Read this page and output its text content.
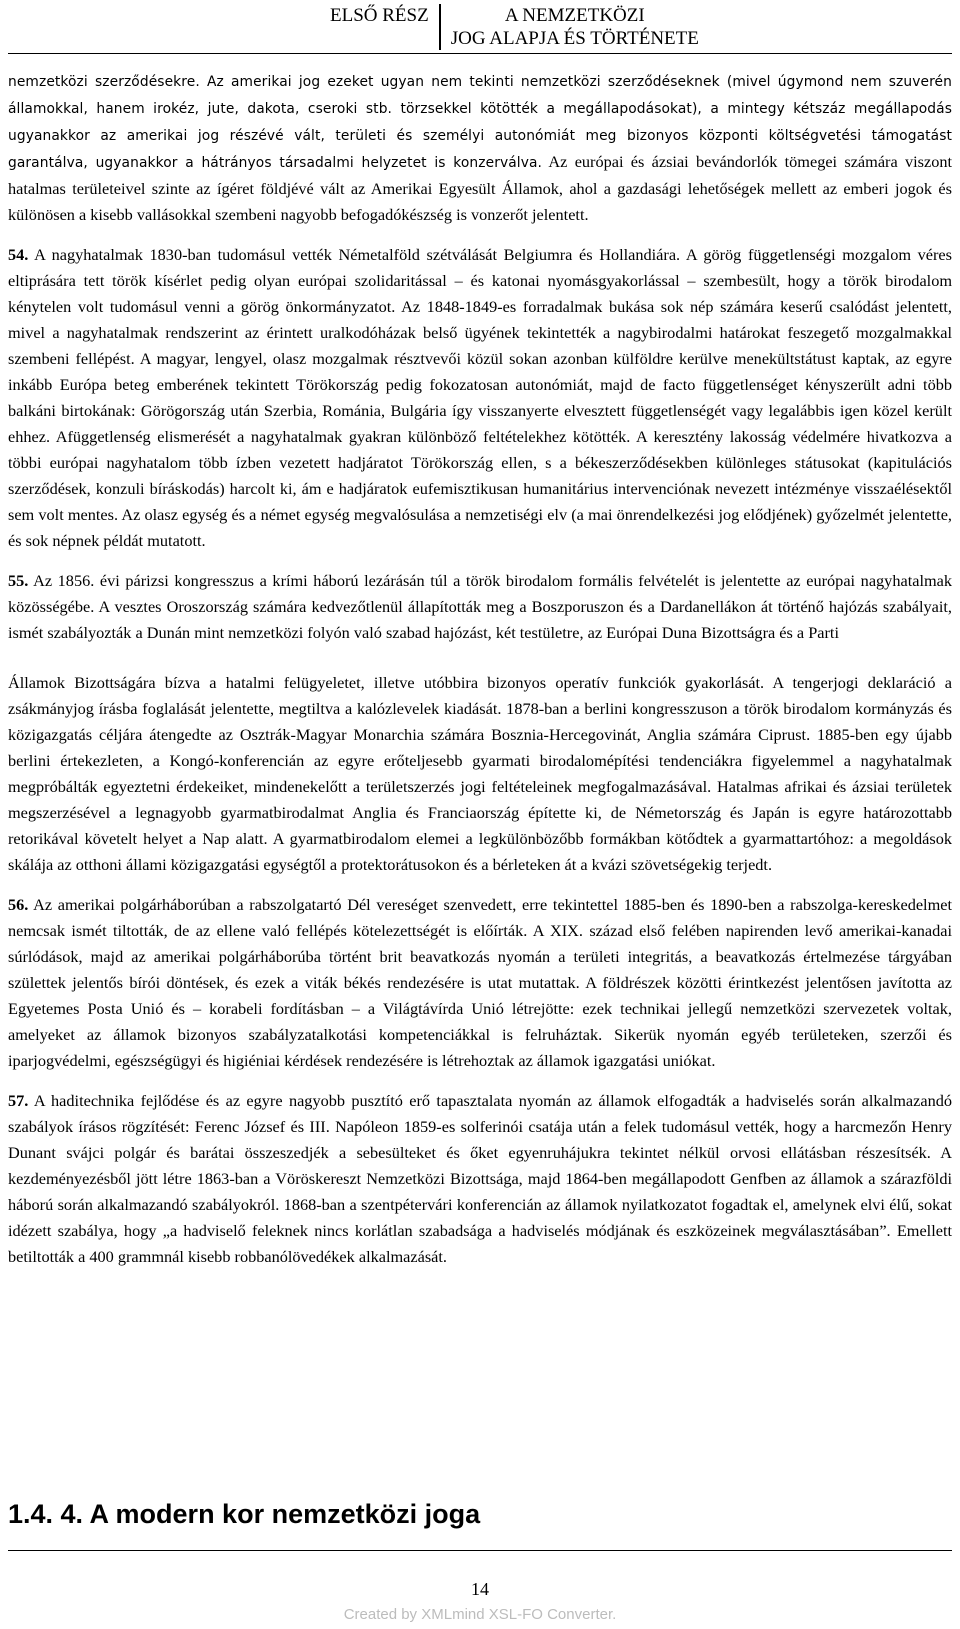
ELSŐ RÉSZ	A NEMZETKÖZI
JOG ALAPJA ÉS TÖRTÉNETE

nemzetközi szerződésekre. Az amerikai jog ezeket ugyan nem tekinti nemzetközi szerződéseknek (mivel úgymond nem szuverén államokkal, hanem irokéz, jute, dakota, cseroki stb. törzsekkel kötötték a megállapodásokat), a mintegy kétszáz megállapodás ugyanakkor az amerikai jog részévé vált, területi és személyi autonómiát meg bizonyos központi költségvetési támogatást garantálva, ugyanakkor a hátrányos társadalmi helyzetet is konzerválva. Az európai és ázsiai bevándorlók tömegei számára viszont hatalmas területeivel szinte az ígéret földjévé vált az Amerikai Egyesült Államok, ahol a gazdasági lehetőségek mellett az emberi jogok és különösen a kisebb vallásokkal szembeni nagyobb befogadókészség is vonzerőt jelentett.

54. A nagyhatalmak 1830-ban tudomásul vették Németalföld szétválását Belgiumra és Hollandiára. A görög függetlenségi mozgalom véres eltiprására tett török kísérlet pedig olyan európai szolidaritással – és katonai nyomásgyakorlással – szembesült, hogy a török birodalom kénytelen volt tudomásul venni a görög önkormányzatot. Az 1848-1849-es forradalmak bukása sok nép számára keserű csalódást jelentett, mivel a nagyhatalmak rendszerint az érintett uralkodóházak belső ügyének tekintették a nagybirodalmi határokat feszegető mozgalmakkal szembeni fellépést. A magyar, lengyel, olasz mozgalmak résztvevői közül sokan azonban külföldre kerülve menekültstátust kaptak, az egyre inkább Európa beteg emberének tekintett Törökország pedig fokozatosan autonómiát, majd de facto függetlenséget kényszerült adni több balkáni birtokának: Görögország után Szerbia, Románia, Bulgária így visszanyerte elvesztett függetlenségét vagy legalábbis igen közel került ehhez. Afüggetlenség elismerését a nagyhatalmak gyakran különböző feltételekhez kötötték. A keresztény lakosság védelmére hivatkozva a többi európai nagyhatalom több ízben vezetett hadjáratot Törökország ellen, s a békeszerződésekben különleges státusokat (kapitulációs szerződések, konzuli bíráskodás) harcolt ki, ám e hadjáratok eufemisztikusan humanitárius intervenciónak nevezett intézménye visszaélésektől sem volt mentes. Az olasz egység és a német egység megvalósulása a nemzetiségi elv (a mai önrendelkezési jog elődjének) győzelmét jelentette, és sok népnek példát mutatott.

55. Az 1856. évi párizsi kongresszus a krími háború lezárásán túl a török birodalom formális felvételét is jelentette az európai nagyhatalmak közösségébe. A vesztes Oroszország számára kedvezőtlenül állapították meg a Boszporuszon és a Dardanellákon át történő hajózás szabályait, ismét szabályozták a Dunán mint nemzetközi folyón való szabad hajózást, két testületre, az Európai Duna Bizottságra és a Parti

Államok Bizottságára bízva a hatalmi felügyeletet, illetve utóbbira bizonyos operatív funkciók gyakorlását. A tengerjogi deklaráció a zsákmányjog írásba foglalását jelentette, megtiltva a kalózlevelek kiadását. 1878-ban a berlini kongresszuson a török birodalom kormányzás és közigazgatás céljára átengedte az Osztrák-Magyar Monarchia számára Bosznia-Hercegovinát, Anglia számára Ciprust. 1885-ben egy újabb berlini értekezleten, a Kongó-konferencián az egyre erőteljesebb gyarmati birodalomépítési tendenciákra figyelemmel a nagyhatalmak megpróbálták egyeztetni érdekeiket, mindenekelőtt a területszerzés jogi feltételeinek megfogalmazásával. Hatalmas afrikai és ázsiai területek megszerzésével a legnagyobb gyarmatbirodalmat Anglia és Franciaország építette ki, de Németország és Japán is egyre határozottabb retorikával követelt helyet a Nap alatt. A gyarmatbirodalom elemei a legkülönbözőbb formákban kötődtek a gyarmattartóhoz: a megoldások skálája az otthoni állami közigazgatási egységtől a protektorátusokon és a bérleteken át a kvázi szövetségekig terjedt.

56. Az amerikai polgárháborúban a rabszolgatartó Dél vereséget szenvedett, erre tekintettel 1885-ben és 1890-ben a rabszolga-kereskedelmet nemcsak ismét tiltották, de az ellene való fellépés kötelezettségét is előírták. A XIX. század első felében napirenden levő amerikai-kanadai súrlódások, majd az amerikai polgárháborúba történt brit beavatkozás nyomán a területi integritás, a beavatkozás értelmezése tárgyában születtek jelentős bírói döntések, és ezek a viták békés rendezésére is utat mutattak. A földrészek közötti érintkezést jelentősen javította az Egyetemes Posta Unió és – korabeli fordításban – a Világtávírda Unió létrejötte: ezek technikai jellegű nemzetközi szervezetek voltak, amelyeket az államok bizonyos szabályzatalkotási kompetenciákkal is felruháztak. Sikerük nyomán egyéb területeken, szerzői és iparjogvédelmi, egészségügyi és higiéniai kérdések rendezésére is létrehoztak az államok igazgatási uniókat.

57. A haditechnika fejlődése és az egyre nagyobb pusztító erő tapasztalata nyomán az államok elfogadták a hadviselés során alkalmazandó szabályok írásos rögzítését: Ferenc József és III. Napóleon 1859-es solferinói csatája után a felek tudomásul vették, hogy a harcmezőn Henry Dunant svájci polgár és barátai összeszedjék a sebesülteket és őket egyenruhájukra tekintet nélkül orvosi ellátásban részesítsék. A kezdeményezésből jött létre 1863-ban a Vöröskereszt Nemzetközi Bizottsága, majd 1864-ben megállapodott Genfben az államok a szárazföldi háború során alkalmazandó szabályokról. 1868-ban a szentpétervári konferencián az államok nyilatkozatot fogadtak el, amelynek elvi élű, sokat idézett szabálya, hogy „a hadviselő feleknek nincs korlátlan szabadsága a hadviselés módjának és eszközeinek megválasztásában”. Emellett betiltották a 400 grammnál kisebb robbanólövedékek alkalmazását.

1.4. 4. A modern kor nemzetközi joga
14
Created by XMLmind XSL-FO Converter.
